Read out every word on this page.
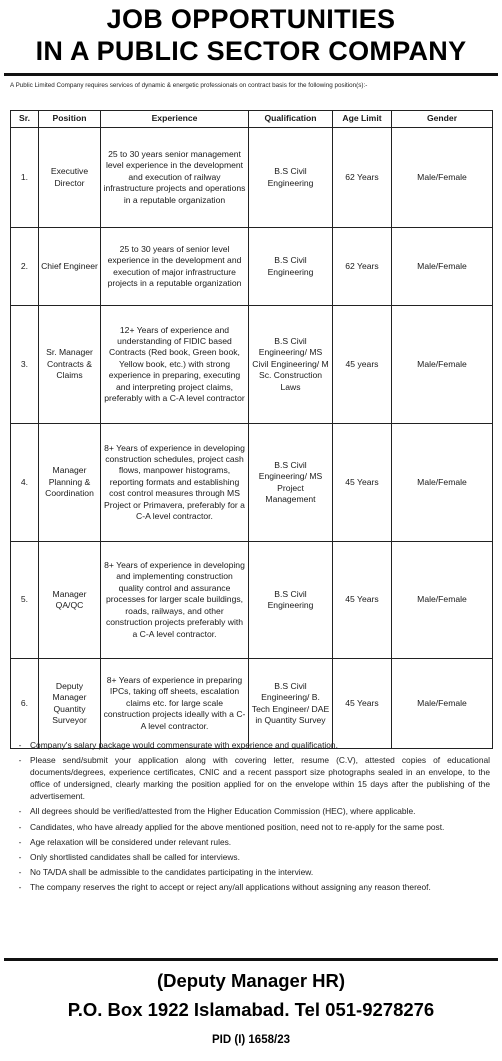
JOB OPPORTUNITIES
IN A PUBLIC SECTOR COMPANY
A Public Limited Company requires services of dynamic & energetic professionals on contract basis for the following position(s):-
Sr.	Position	Experience	Qualification	Age Limit	Gender
1.	Executive Director	25 to 30 years senior management level experience in the development and execution of railway infrastructure projects and operations in a reputable organization	B.S Civil Engineering	62 Years	Male/Female
2.	Chief Engineer	25 to 30 years of senior level experience in the development and execution of major infrastructure projects in a reputable organization	B.S Civil Engineering	62 Years	Male/Female
3.	Sr. Manager Contracts & Claims	12+ Years of experience and understanding of FIDIC based Contracts (Red book, Green book, Yellow book, etc.) with strong experience in preparing, executing and interpreting project claims, preferably with a C-A level contractor	B.S Civil Engineering/ MS Civil Engineering/ M Sc. Construction Laws	45 years	Male/Female
4.	Manager Planning & Coordination	8+ Years of experience in developing construction schedules, project cash flows, manpower histograms, reporting formats and establishing cost control measures through MS Project or Primavera, preferably for a C-A level contractor.	B.S Civil Engineering/ MS Project Management	45 Years	Male/Female
5.	Manager QA/QC	8+ Years of experience in developing and implementing construction quality control and assurance processes for larger scale buildings, roads, railways, and other construction projects preferably with a C-A level contractor.	B.S Civil Engineering	45 Years	Male/Female
6.	Deputy Manager Quantity Surveyor	8+ Years of experience in preparing IPCs, taking off sheets, escalation claims etc. for large scale construction projects ideally with a C-A level contractor.	B.S Civil Engineering/ B. Tech Engineer/ DAE in Quantity Survey	45 Years	Male/Female
-	Company's salary package would commensurate with experience and qualification.
-	Please send/submit your application along with covering letter, resume (C.V), attested copies of educational documents/degrees, experience certificates, CNIC and a recent passport size photographs sealed in an envelope, to the office of undersigned, clearly marking the position applied for on the envelope within 15 days after the publishing of the advertisement.
-	All degrees should be verified/attested from the Higher Education Commission (HEC), where applicable.
-	Candidates, who have already applied for the above mentioned position, need not to re-apply for the same post.
-	Age relaxation will be considered under relevant rules.
-	Only shortlisted candidates shall be called for interviews.
-	No TA/DA shall be admissible to the candidates participating in the interview.
-	The company reserves the right to accept or reject any/all applications without assigning any reason thereof.
(Deputy Manager HR)
P.O. Box 1922 Islamabad. Tel 051-9278276
PID (I) 1658/23
